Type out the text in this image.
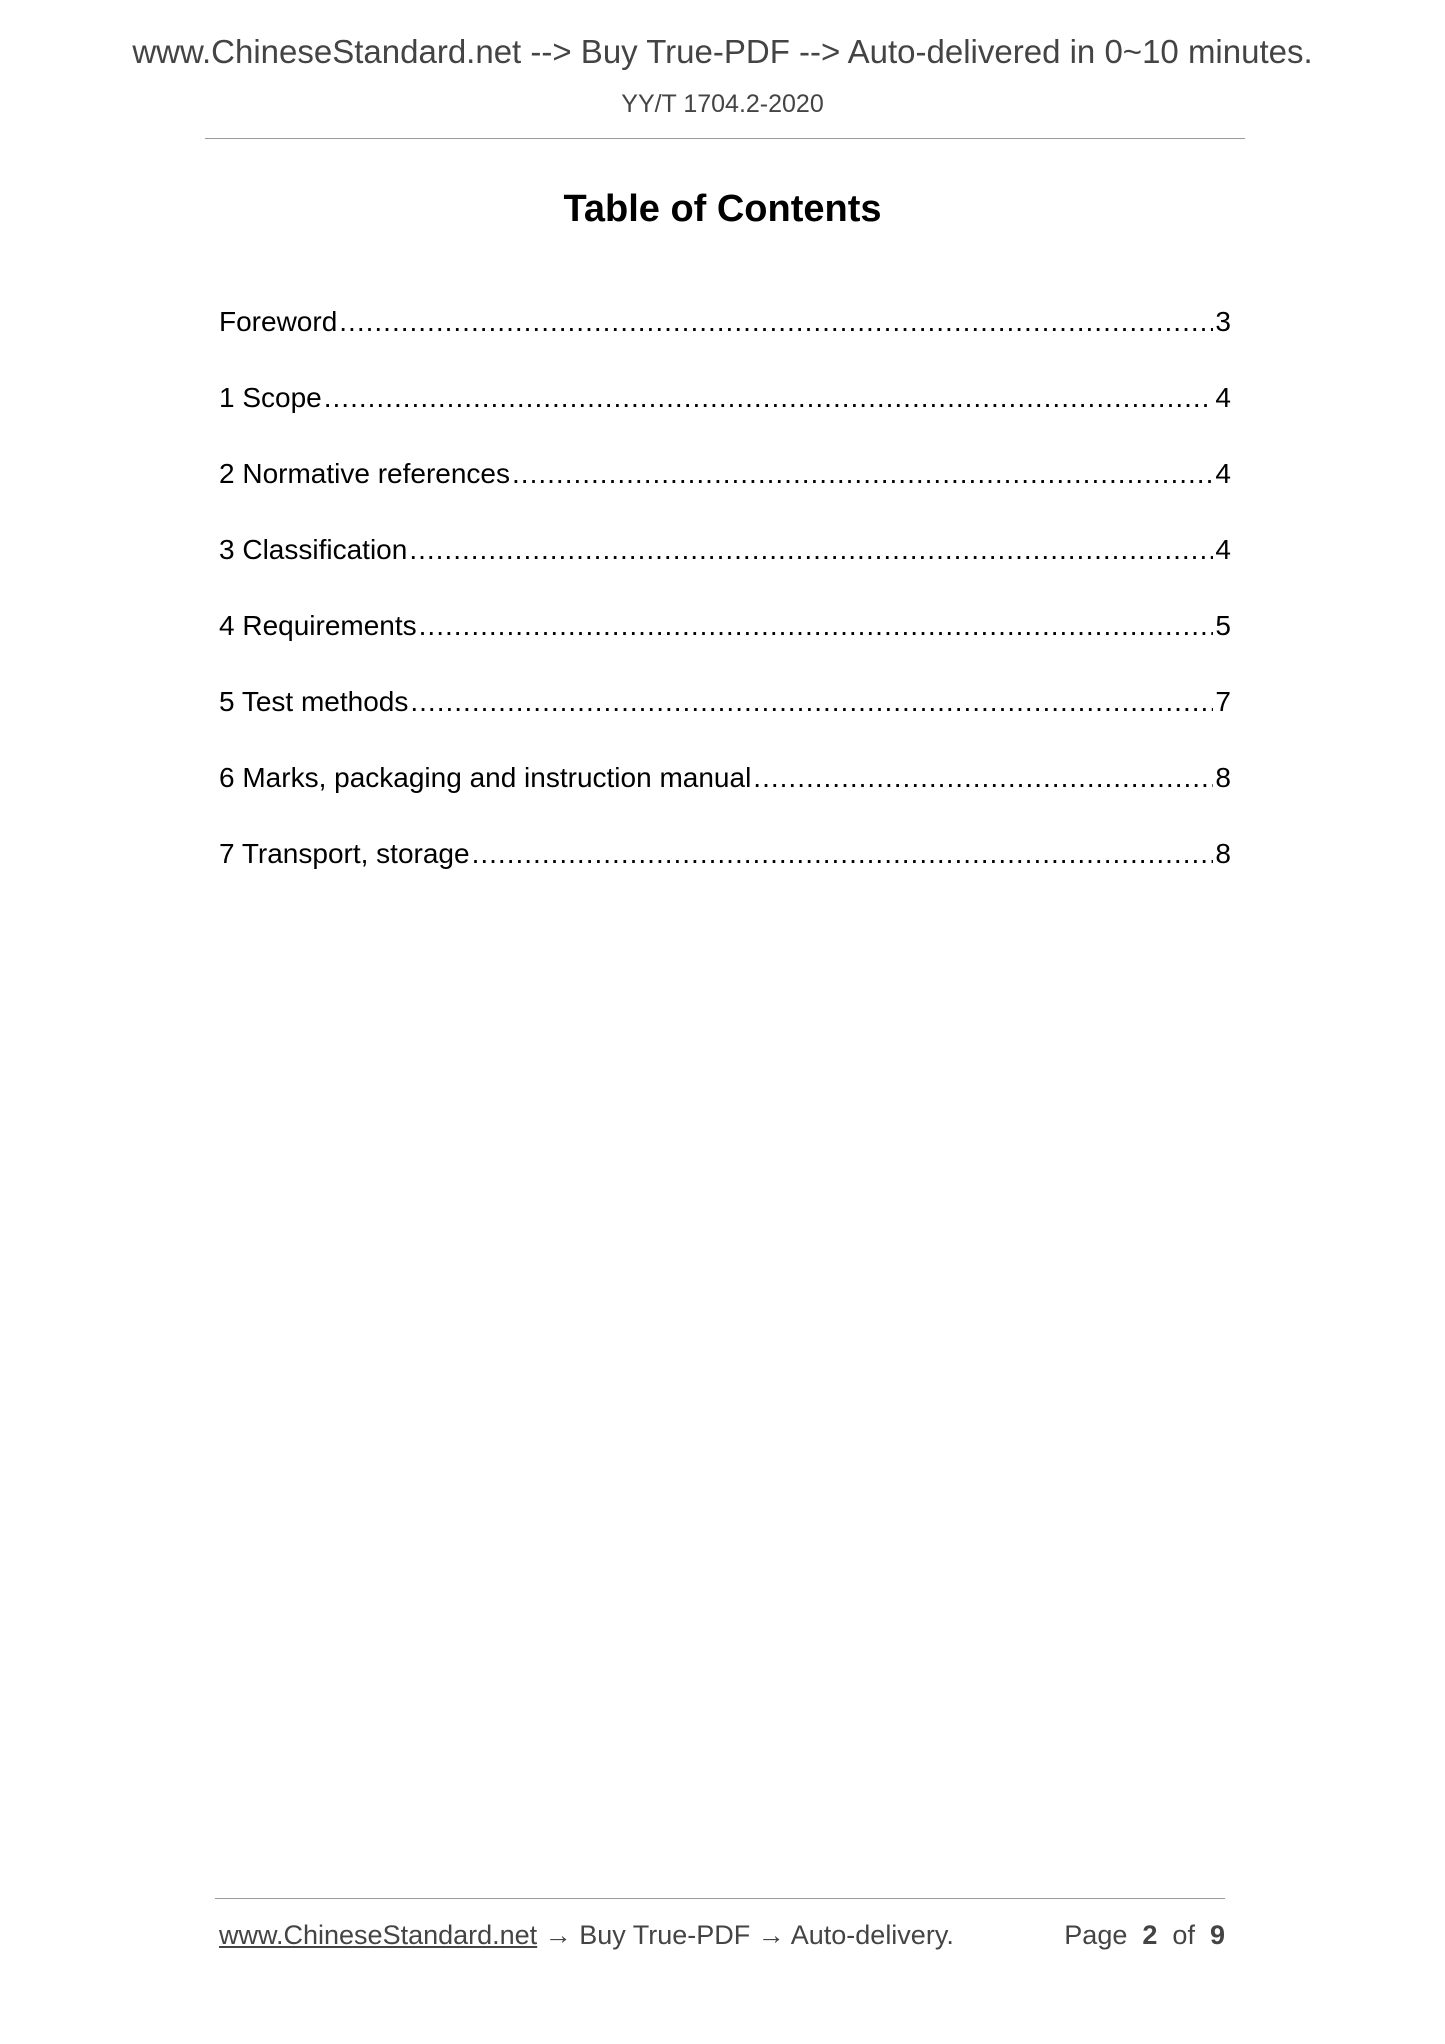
www.ChineseStandard.net --> Buy True-PDF --> Auto-delivered in 0~10 minutes.
YY/T 1704.2-2020
Table of Contents
Foreword .....	3
1 Scope .....	4
2 Normative references .....	4
3 Classification .....	4
4 Requirements .....	5
5 Test methods .....	7
6 Marks, packaging and instruction manual .....	8
7 Transport, storage .....	8
www.ChineseStandard.net → Buy True-PDF → Auto-delivery.	Page 2 of 9
